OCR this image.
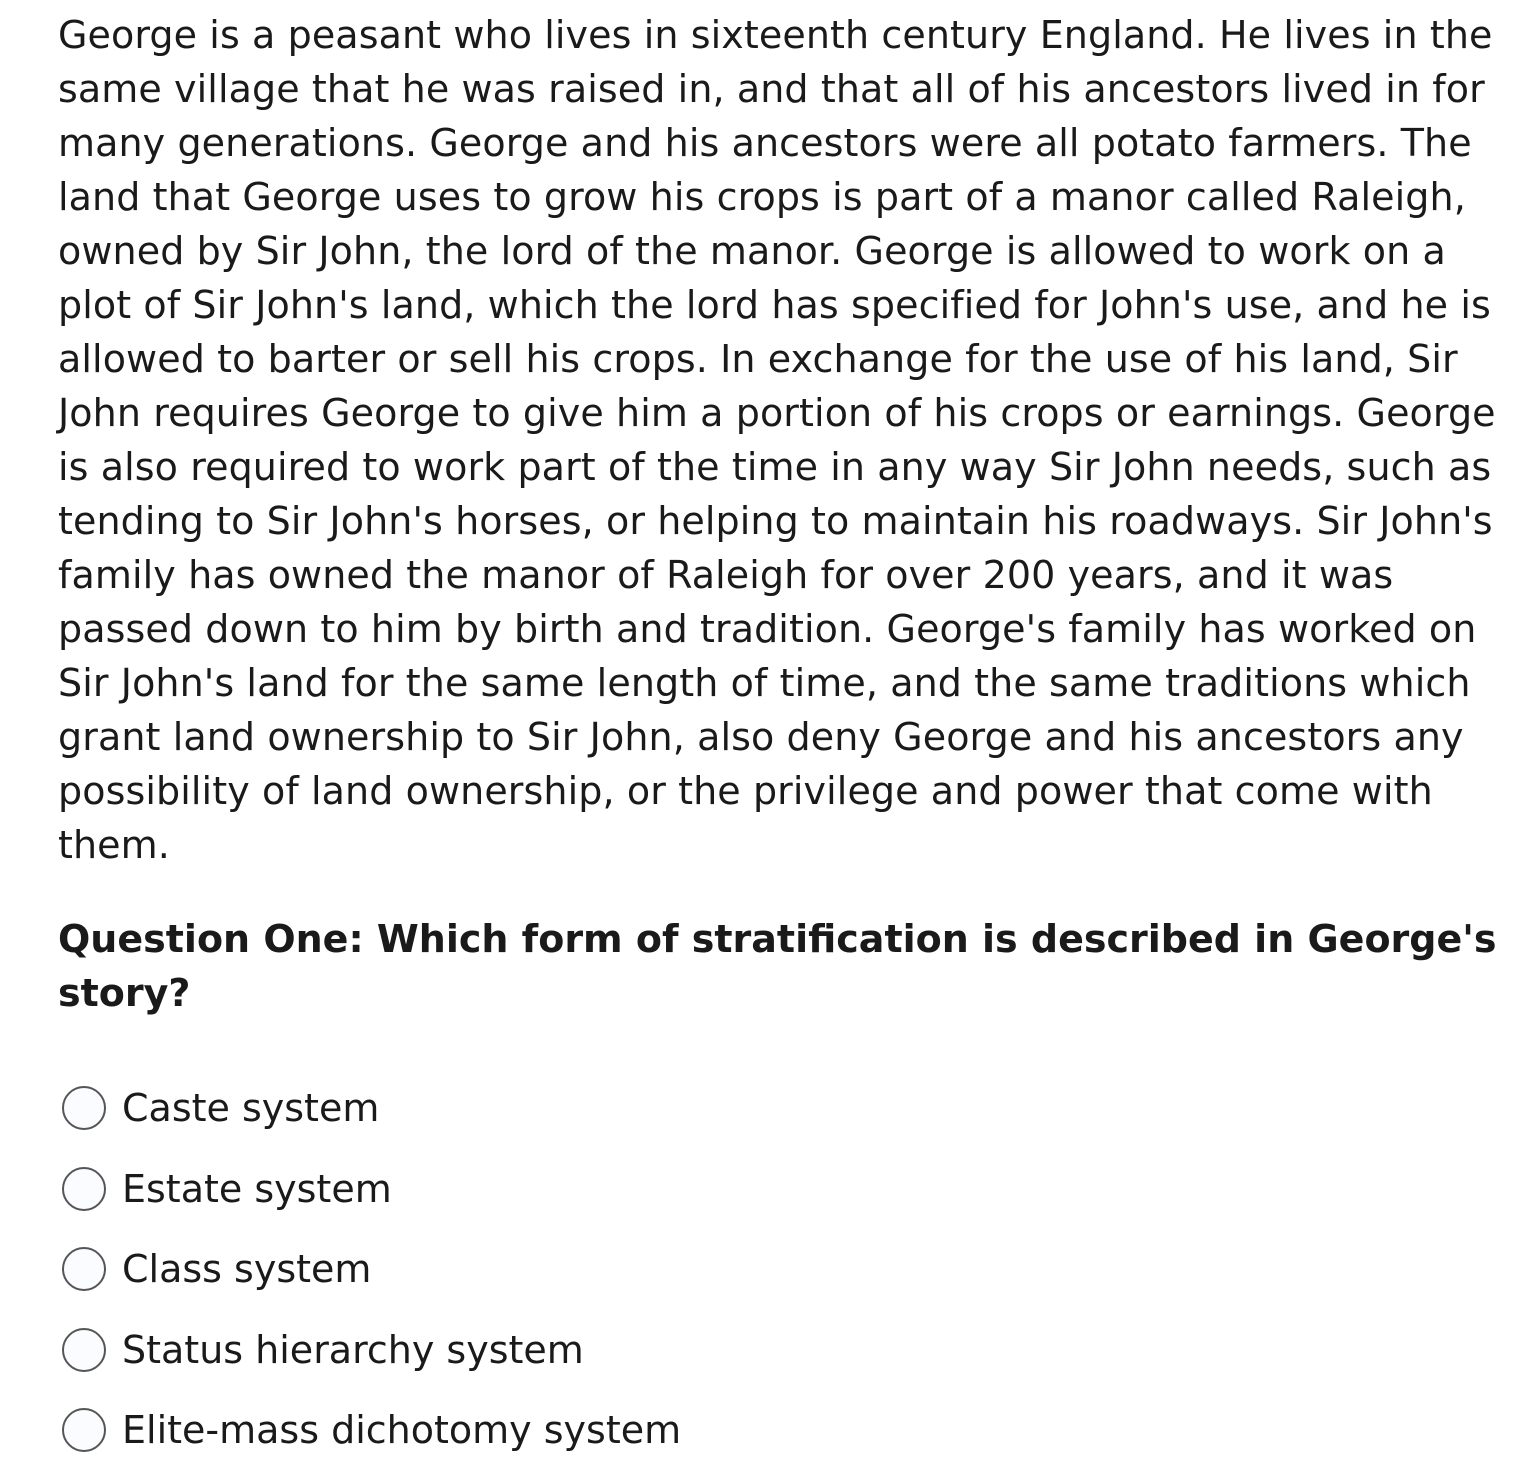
George is a peasant who lives in sixteenth century England. He lives in the same village that he was raised in, and that all of his ancestors lived in for many generations. George and his ancestors were all potato farmers. The land that George uses to grow his crops is part of a manor called Raleigh, owned by Sir John, the lord of the manor. George is allowed to work on a plot of Sir John's land, which the lord has specified for John's use, and he is allowed to barter or sell his crops. In exchange for the use of his land, Sir John requires George to give him a portion of his crops or earnings. George is also required to work part of the time in any way Sir John needs, such as tending to Sir John's horses, or helping to maintain his roadways. Sir John's family has owned the manor of Raleigh for over 200 years, and it was passed down to him by birth and tradition. George's family has worked on Sir John's land for the same length of time, and the same traditions which grant land ownership to Sir John, also deny George and his ancestors any possibility of land ownership, or the privilege and power that come with them.

Question One: Which form of stratification is described in George's story?

Caste system
Estate system
Class system
Status hierarchy system
Elite-mass dichotomy system
